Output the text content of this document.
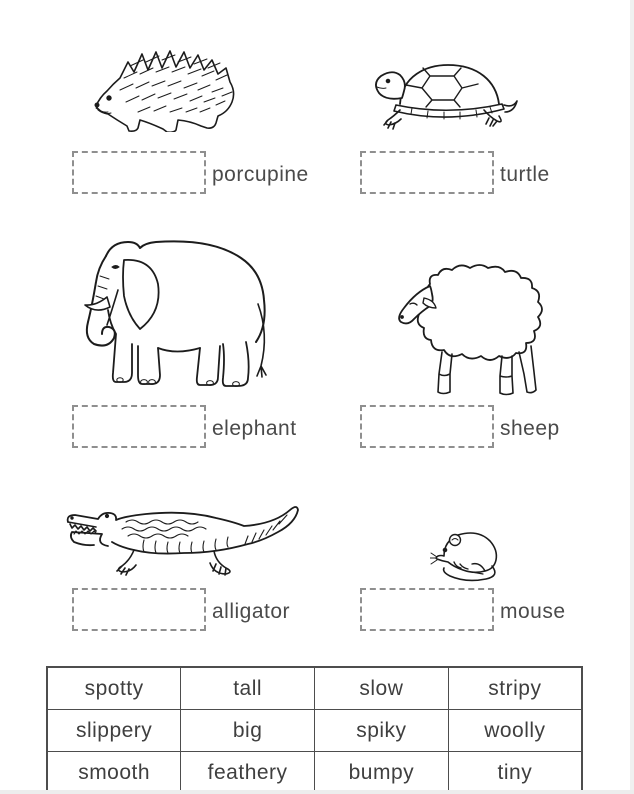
porcupine	turtle
elephant	sheep
alligator	mouse
spotty	tall	slow	stripy
slippery	big	spiky	woolly
smooth	feathery	bumpy	tiny
